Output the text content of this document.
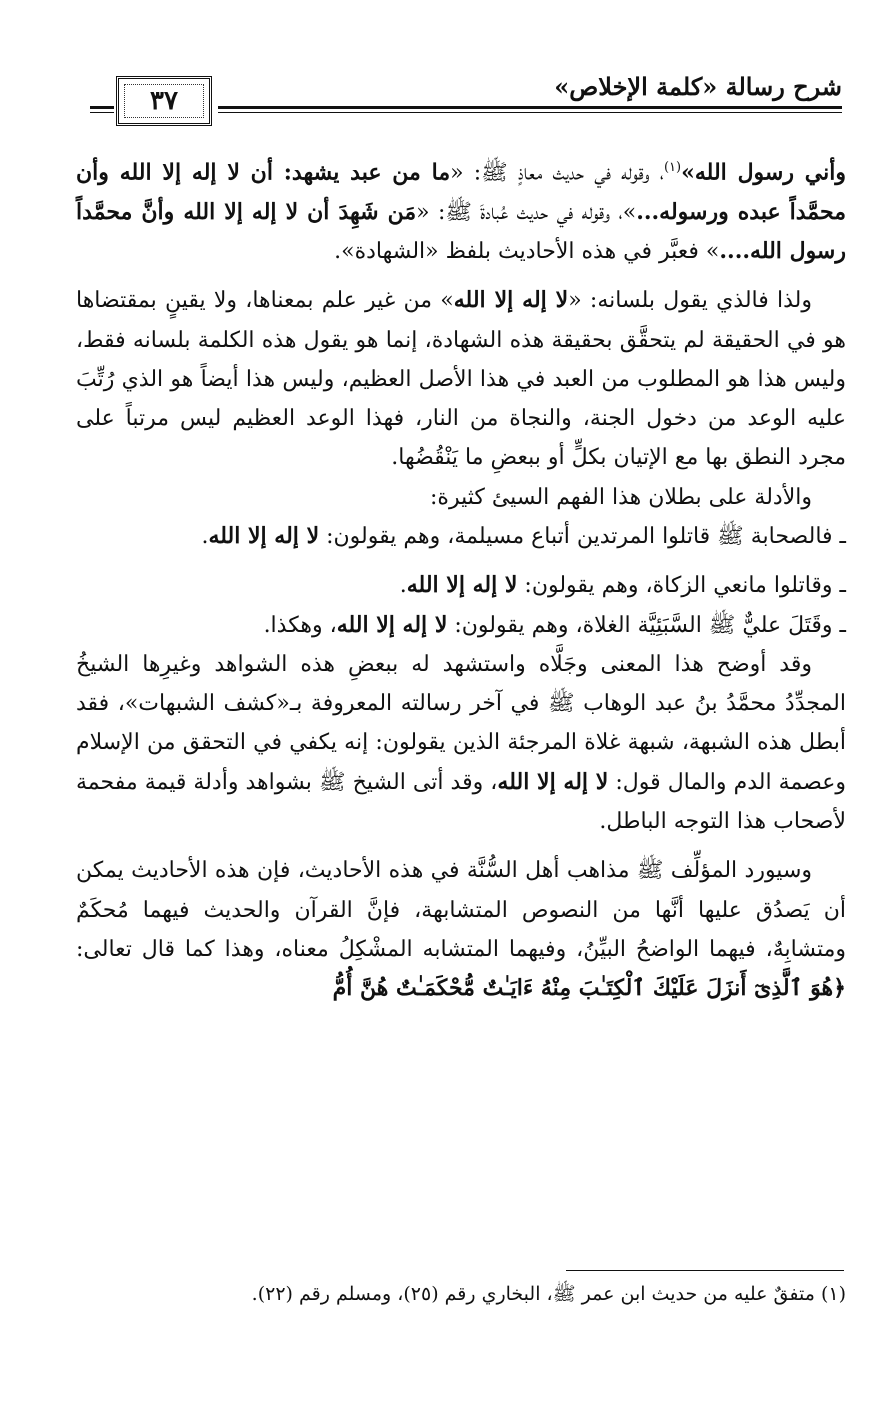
شرح رسالة «كلمة الإخلاص»
٣٧

وأني رسول الله»$^{(١)}$، وقوله في حديث معاذٍ ﷺ: «ما من عبد يشهد: أن لا إله إلا الله وأن محمَّداً عبده ورسوله...»، وقوله في حديث عُبادةَ ﷺ: «مَن شَهِدَ أن لا إله إلا الله وأنَّ محمَّداً رسول الله....» فعبَّر في هذه الأحاديث بلفظ «الشهادة».

ولذا فالذي يقول بلسانه: «لا إله إلا الله» من غير علم بمعناها، ولا يقينٍ بمقتضاها هو في الحقيقة لم يتحقَّق بحقيقة هذه الشهادة، إنما هو يقول هذه الكلمة بلسانه فقط، وليس هذا هو المطلوب من العبد في هذا الأصل العظيم، وليس هذا أيضاً هو الذي رُتِّبَ عليه الوعد من دخول الجنة، والنجاة من النار، فهذا الوعد العظيم ليس مرتباً على مجرد النطق بها مع الإتيان بكلٍّ أو ببعضِ ما يَنْقُضُها.

والأدلة على بطلان هذا الفهم السيئ كثيرة:

ـ فالصحابة ﷺ قاتلوا المرتدين أتباع مسيلمة، وهم يقولون: لا إله إلا الله.

ـ وقاتلوا مانعي الزكاة، وهم يقولون: لا إله إلا الله.

ـ وقَتَلَ عليٌّ ﷺ السَّبَئِيَّة الغلاة، وهم يقولون: لا إله إلا الله، وهكذا.

وقد أوضح هذا المعنى وجَلَّاه واستشهد له ببعضِ هذه الشواهد وغيرِها الشيخُ المجدِّدُ محمَّدُ بنُ عبد الوهاب ﷺ في آخر رسالته المعروفة بـ«كشف الشبهات»، فقد أبطل هذه الشبهة، شبهة غلاة المرجئة الذين يقولون: إنه يكفي في التحقق من الإسلام وعصمة الدم والمال قول: لا إله إلا الله، وقد أتى الشيخ ﷺ بشواهد وأدلة قيمة مفحمة لأصحاب هذا التوجه الباطل.

وسيورد المؤلِّف ﷺ مذاهب أهل السُّنَّة في هذه الأحاديث، فإن هذه الأحاديث يمكن أن يَصدُق عليها أنَّها من النصوص المتشابهة، فإنَّ القرآن والحديث فيهما مُحكَمٌ ومتشابِهٌ، فيهما الواضحُ البيِّنُ، وفيهما المتشابه المشْكِلُ معناه، وهذا كما قال تعالى: ﴿هُوَ ٱلَّذِىٓ أَنزَلَ عَلَيْكَ ٱلْكِتَـٰبَ مِنْهُ ءَايَـٰتٌ مُّحْكَمَـٰتٌ هُنَّ أُمُّ

(١) متفقٌ عليه من حديث ابن عمر ﷺ، البخاري رقم (٢٥)، ومسلم رقم (٢٢).
